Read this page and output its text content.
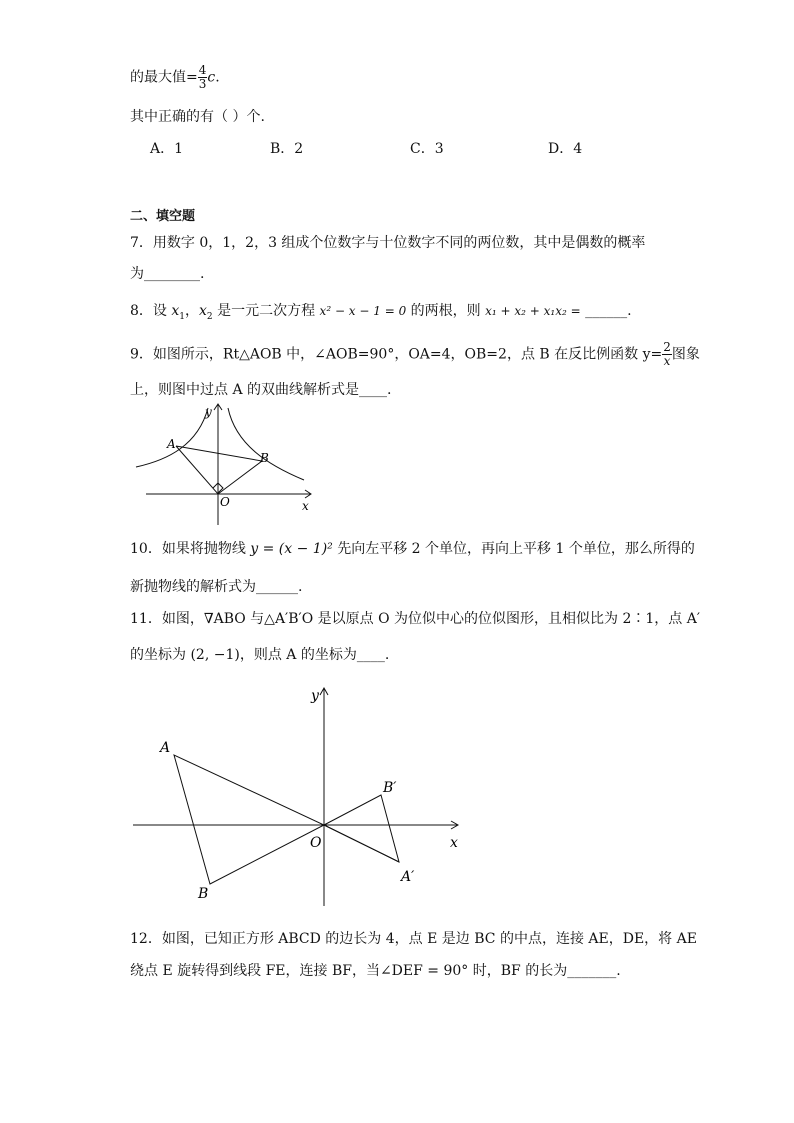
的最大值= $\frac{4}{3} c$.
其中正确的有（ ）个.
A．1	B．2	C．3	D．4
二、填空题
7．用数字 0，1，2，3 组成个位数字与十位数字不同的两位数，其中是偶数的概率
为________.
8．设 $x_1$，$x_2$ 是一元二次方程 x² − x − 1 = 0 的两根，则 x₁ + x₂ + x₁x₂ = ______.
9．如图所示，Rt△AOB 中，∠AOB=90°，OA=4，OB=2，点 B 在反比例函数 $y= \frac{2}{x}$ 图象
上，则图中过点 A 的双曲线解析式是____.
y
x
A
B
O
10．如果将抛物线 y = (x − 1)² 先向左平移 2 个单位，再向上平移 1 个单位，那么所得的
新抛物线的解析式为______.
11．如图，∇ABO 与△A′B′O 是以原点 O 为位似中心的位似图形，且相似比为 2∶1，点 A′
的坐标为 (2, −1)，则点 A 的坐标为____.
y
x
O
A
B
A′
B′
12．如图，已知正方形 ABCD 的边长为 4，点 E 是边 BC 的中点，连接 AE，DE，将 AE
绕点 E 旋转得到线段 FE，连接 BF，当∠DEF = 90° 时，BF 的长为_______.
